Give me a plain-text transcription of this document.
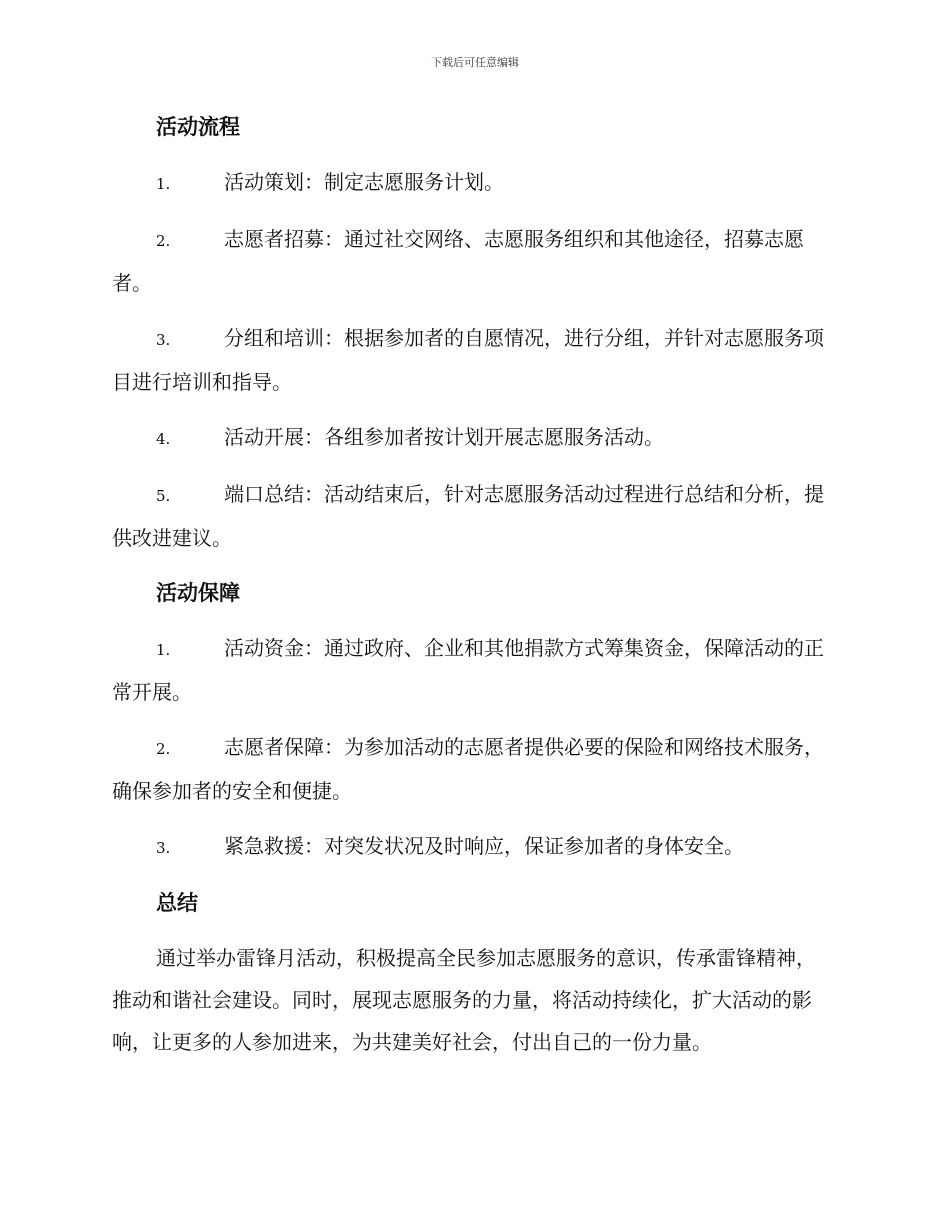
下载后可任意编辑
活动流程
1.	活动策划：制定志愿服务计划。
2.	志愿者招募：通过社交网络、志愿服务组织和其他途径，招募志愿者。
3.	分组和培训：根据参加者的自愿情况，进行分组，并针对志愿服务项目进行培训和指导。
4.	活动开展：各组参加者按计划开展志愿服务活动。
5.	端口总结：活动结束后，针对志愿服务活动过程进行总结和分析，提供改进建议。
活动保障
1.	活动资金：通过政府、企业和其他捐款方式筹集资金，保障活动的正常开展。
2.	志愿者保障：为参加活动的志愿者提供必要的保险和网络技术服务，确保参加者的安全和便捷。
3.	紧急救援：对突发状况及时响应，保证参加者的身体安全。
总结

通过举办雷锋月活动，积极提高全民参加志愿服务的意识，传承雷锋精神，推动和谐社会建设。同时，展现志愿服务的力量，将活动持续化，扩大活动的影响，让更多的人参加进来，为共建美好社会，付出自己的一份力量。
